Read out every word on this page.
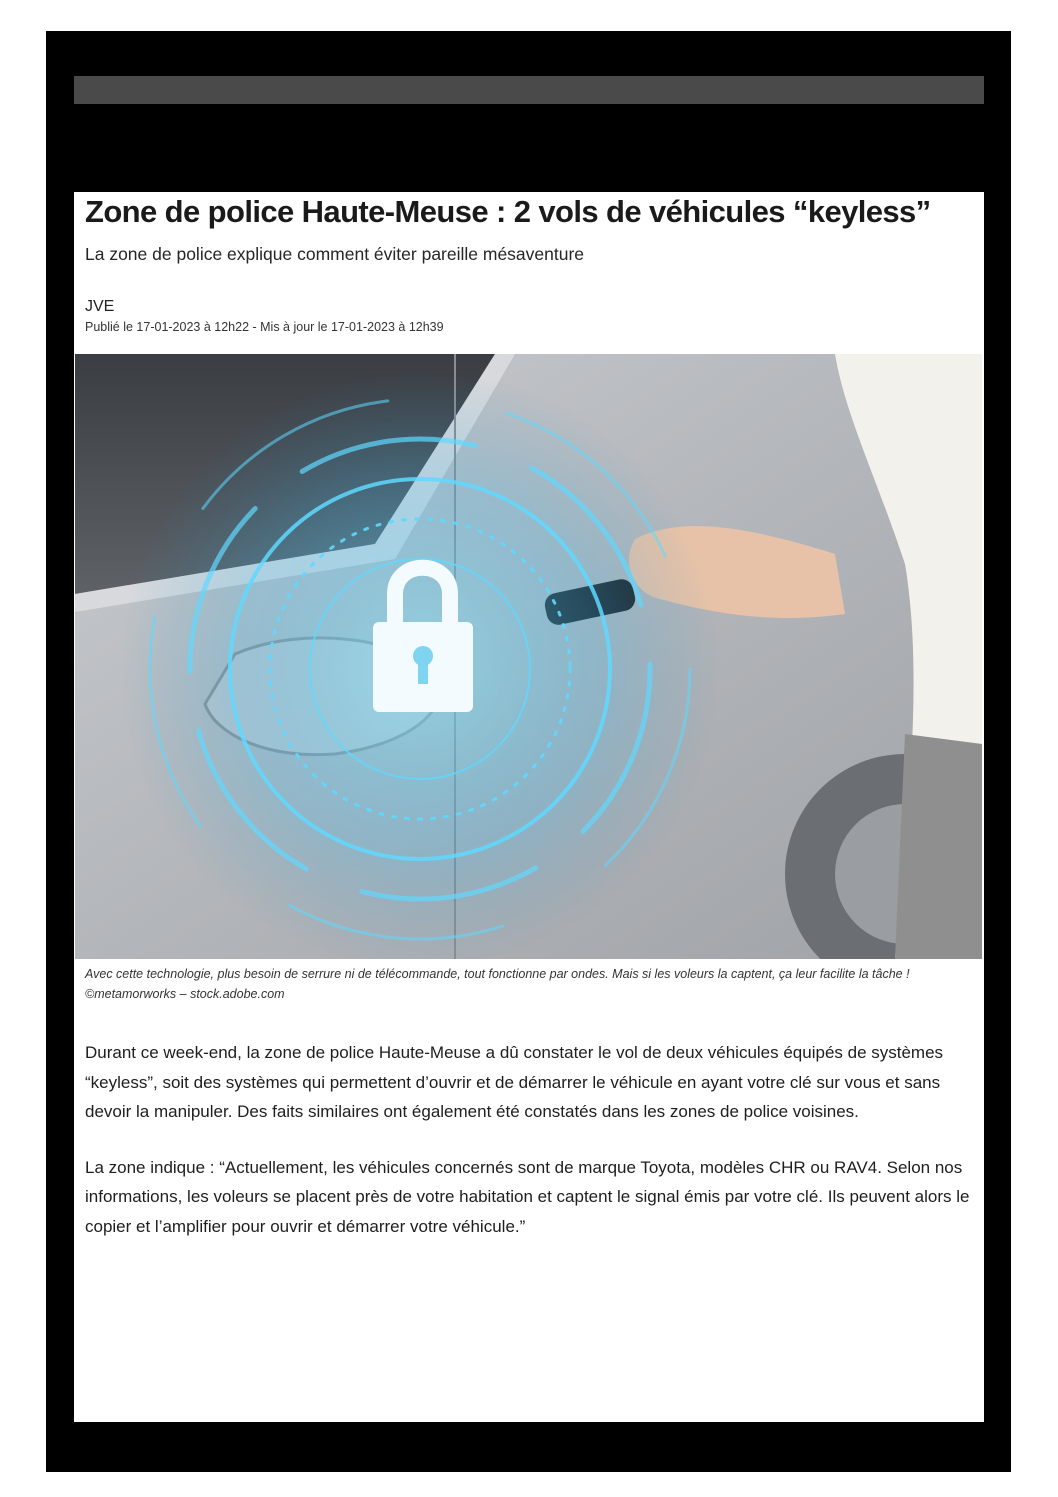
Zone de police Haute-Meuse : 2 vols de véhicules “keyless”

La zone de police explique comment éviter pareille mésaventure

JVE
Publié le 17-01-2023 à 12h22 - Mis à jour le 17-01-2023 à 12h39
Avec cette technologie, plus besoin de serrure ni de télécommande, tout fonctionne par ondes. Mais si les voleurs la captent, ça leur facilite la tâche ! ©metamorworks – stock.adobe.com

Durant ce week-end, la zone de police Haute-Meuse a dû constater le vol de deux véhicules équipés de systèmes “keyless”, soit des systèmes qui permettent d’ouvrir et de démarrer le véhicule en ayant votre clé sur vous et sans devoir la manipuler. Des faits similaires ont également été constatés dans les zones de police voisines.

La zone indique : “Actuellement, les véhicules concernés sont de marque Toyota, modèles CHR ou RAV4. Selon nos informations, les voleurs se placent près de votre habitation et captent le signal émis par votre clé. Ils peuvent alors le copier et l’amplifier pour ouvrir et démarrer votre véhicule.”
